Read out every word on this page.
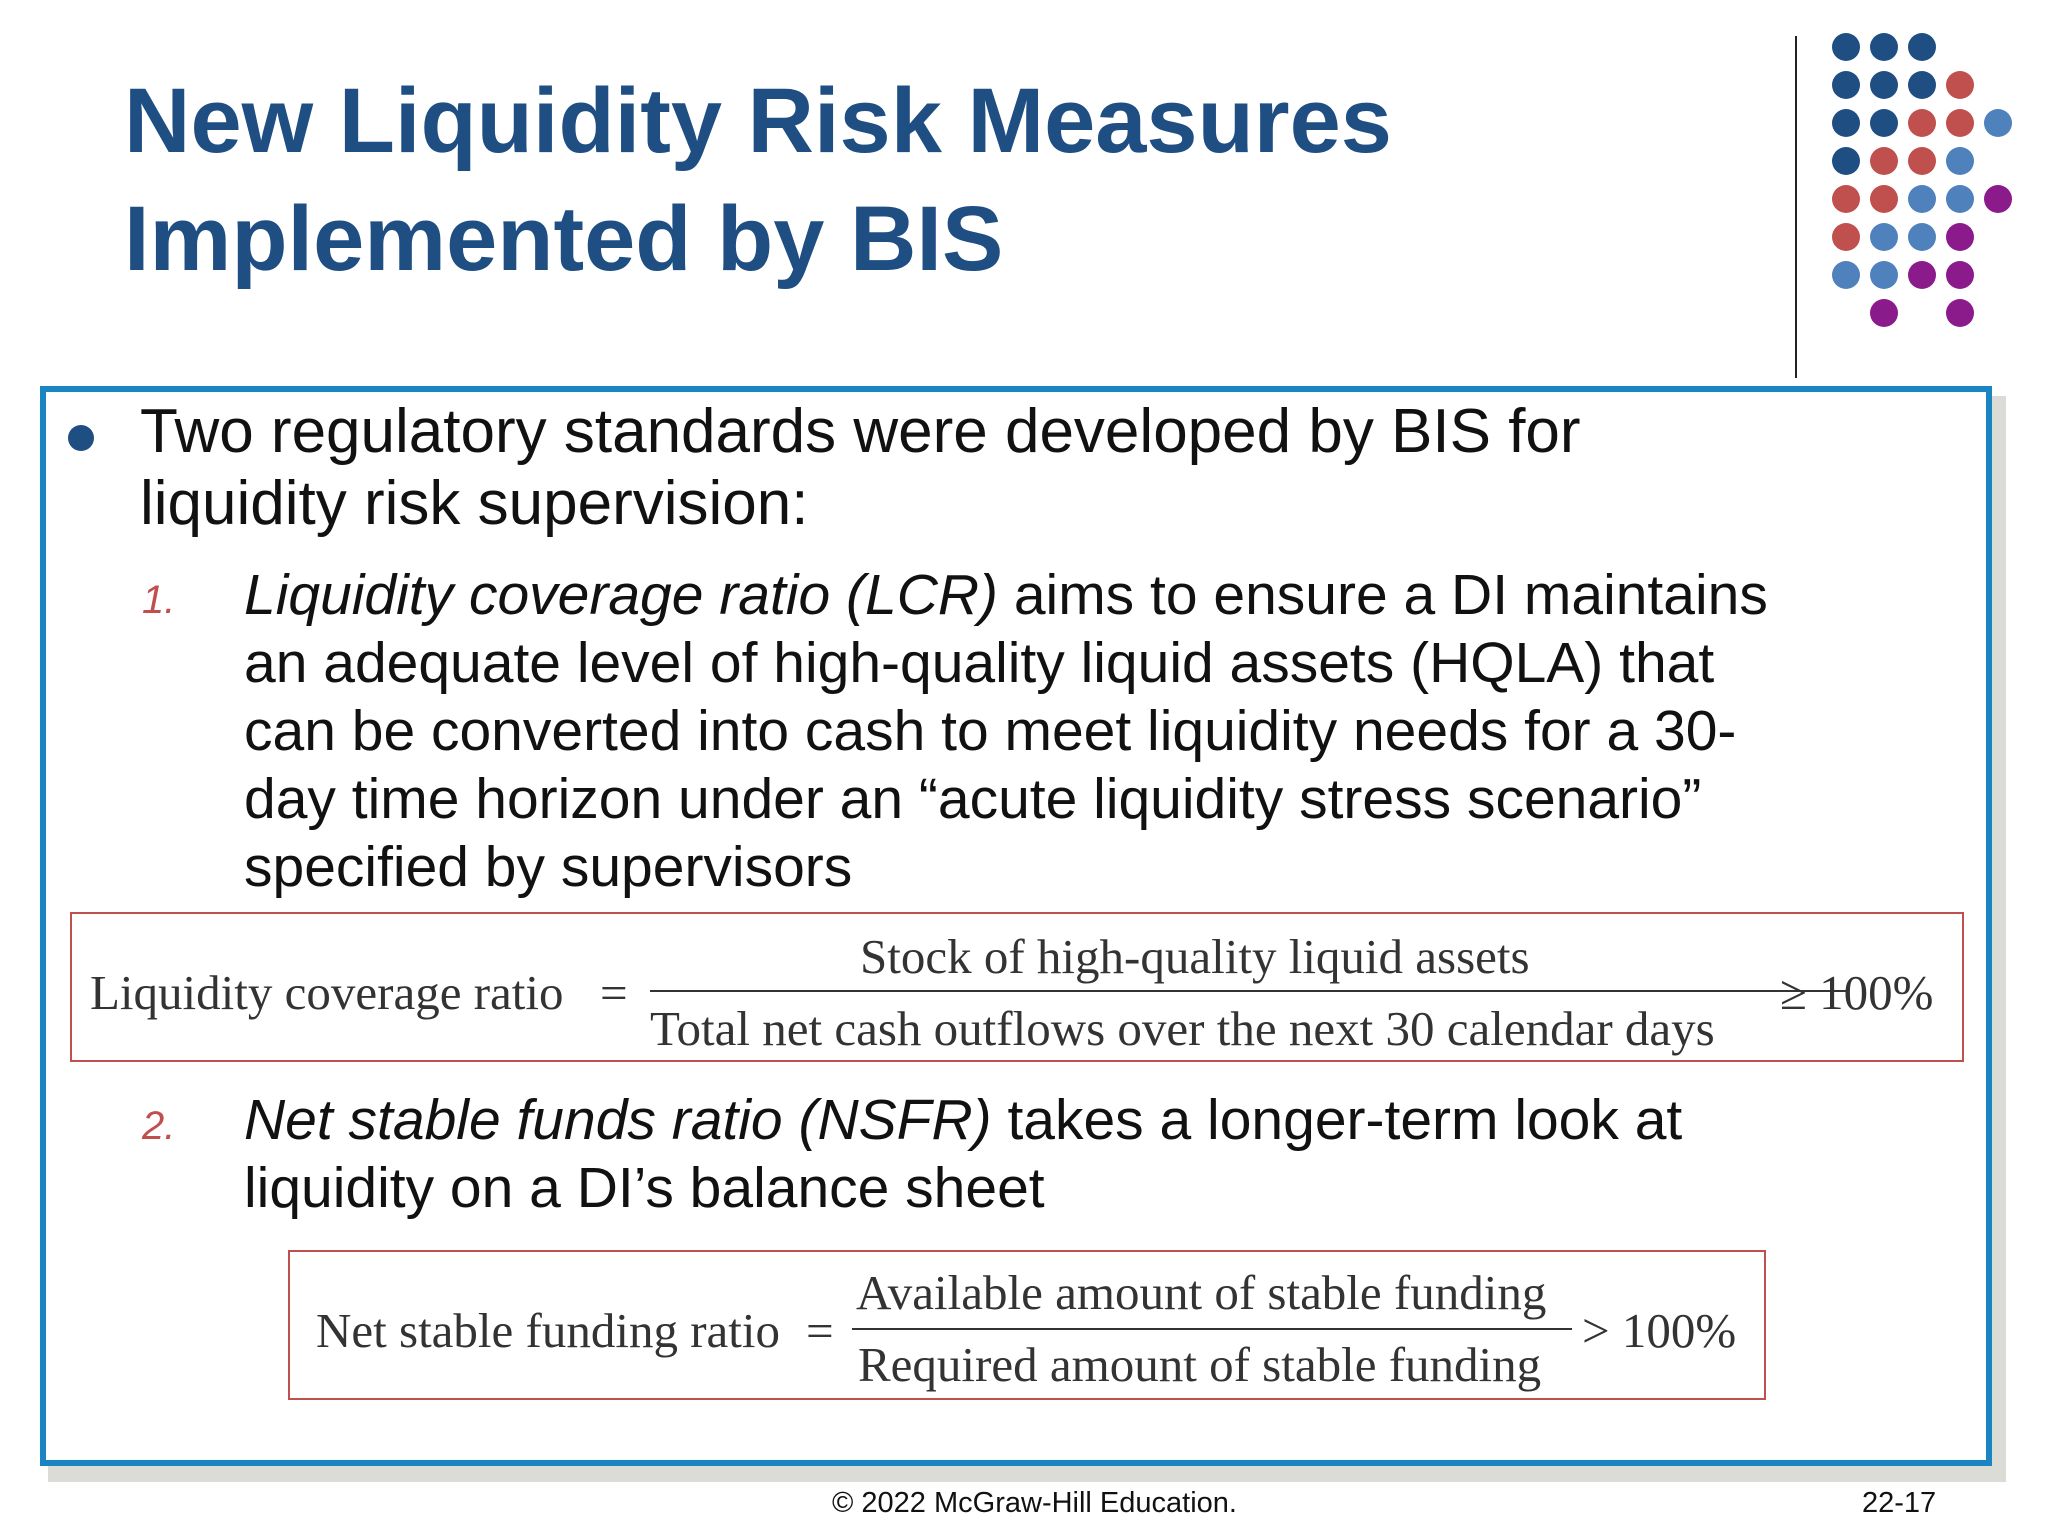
New Liquidity Risk Measures
Implemented by BIS

Two regulatory standards were developed by BIS for
liquidity risk supervision:

1. Liquidity coverage ratio (LCR) aims to ensure a DI maintains
an adequate level of high-quality liquid assets (HQLA) that
can be converted into cash to meet liquidity needs for a 30-
day time horizon under an “acute liquidity stress scenario”
specified by supervisors

Liquidity coverage ratio =
Stock of high-quality liquid assets
Total net cash outflows over the next 30 calendar days
≥ 100%
2. Net stable funds ratio (NSFR) takes a longer-term look at
liquidity on a DI’s balance sheet

Net stable funding ratio =
Available amount of stable funding
Required amount of stable funding
> 100%
© 2022 McGraw-Hill Education.	22-17
